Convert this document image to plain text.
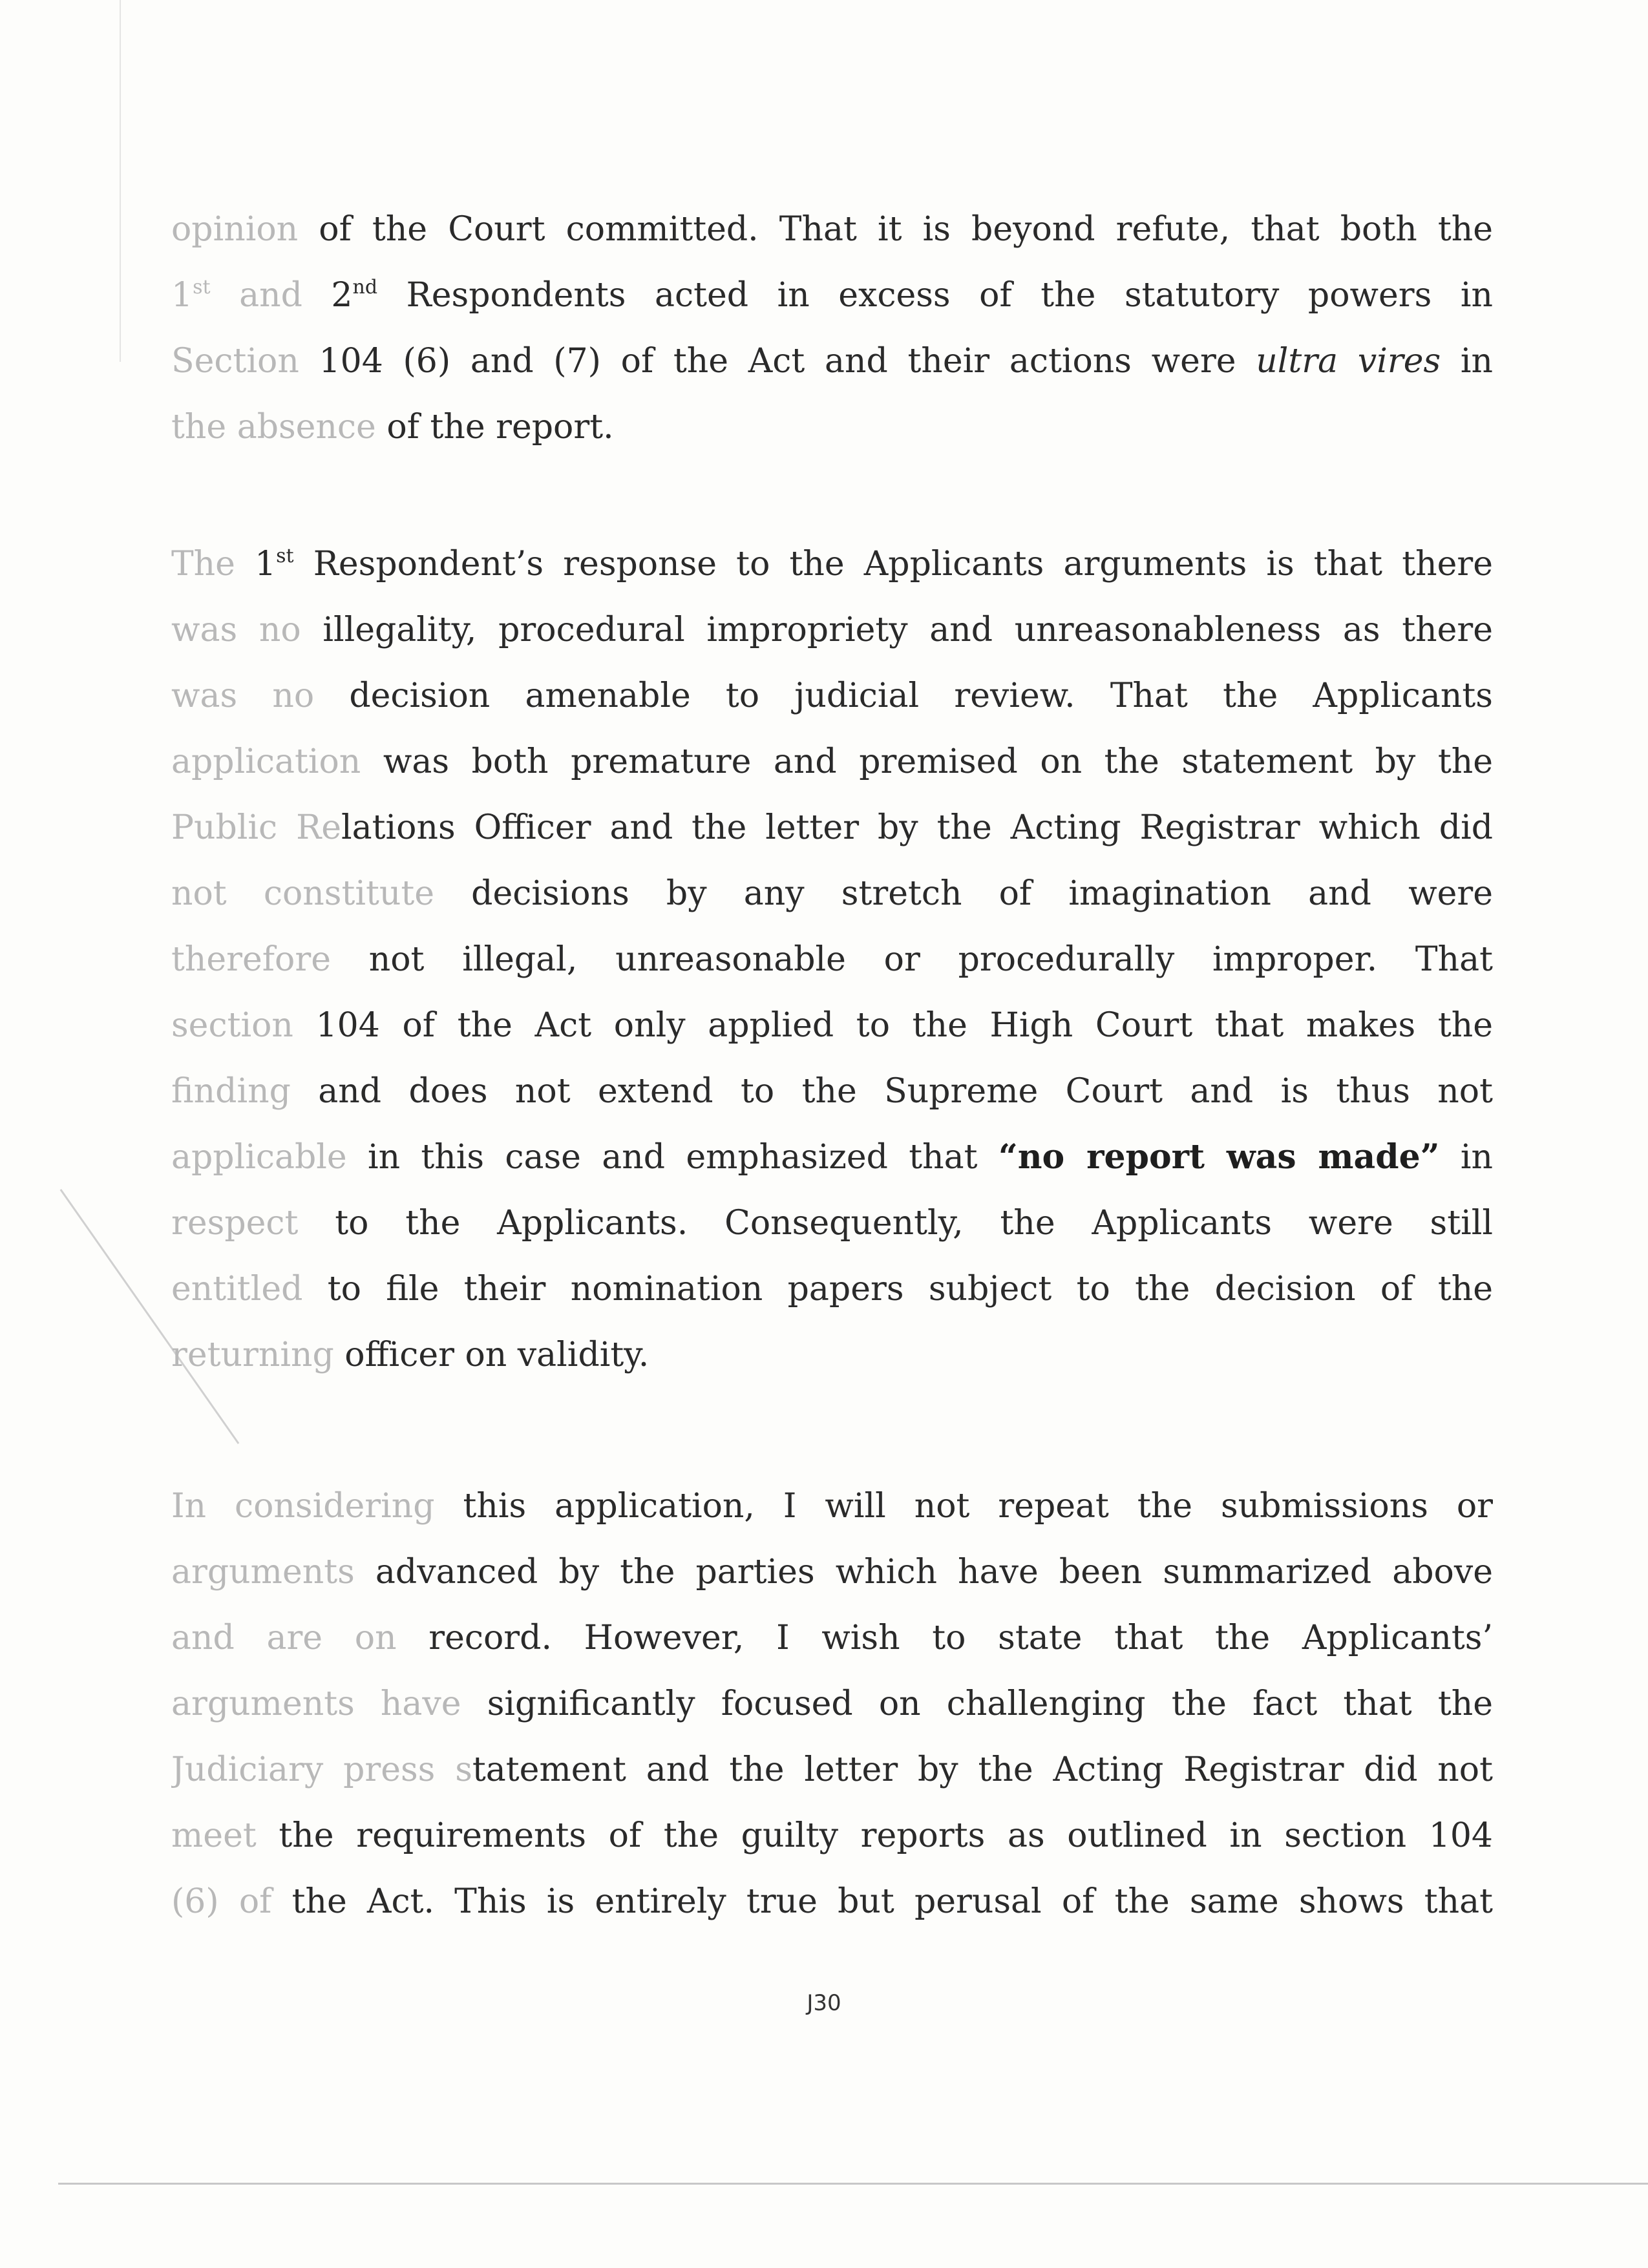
opinion of the Court committed. That it is beyond refute, that both the
1st and 2nd Respondents acted in excess of the statutory powers in
Section 104 (6) and (7) of the Act and their actions were ultra vires in
the absence of the report.
The 1st Respondent’s response to the Applicants arguments is that there
was no illegality, procedural impropriety and unreasonableness as there
was no decision amenable to judicial review. That the Applicants
application was both premature and premised on the statement by the
Public Relations Officer and the letter by the Acting Registrar which did
not constitute decisions by any stretch of imagination and were
therefore not illegal, unreasonable or procedurally improper. That
section 104 of the Act only applied to the High Court that makes the
finding and does not extend to the Supreme Court and is thus not
applicable in this case and emphasized that “no report was made” in
respect to the Applicants. Consequently, the Applicants were still
entitled to file their nomination papers subject to the decision of the
returning officer on validity.
In considering this application, I will not repeat the submissions or
arguments advanced by the parties which have been summarized above
and are on record. However, I wish to state that the Applicants’
arguments have significantly focused on challenging the fact that the
Judiciary press statement and the letter by the Acting Registrar did not
meet the requirements of the guilty reports as outlined in section 104
(6) of the Act. This is entirely true but perusal of the same shows that
J30
